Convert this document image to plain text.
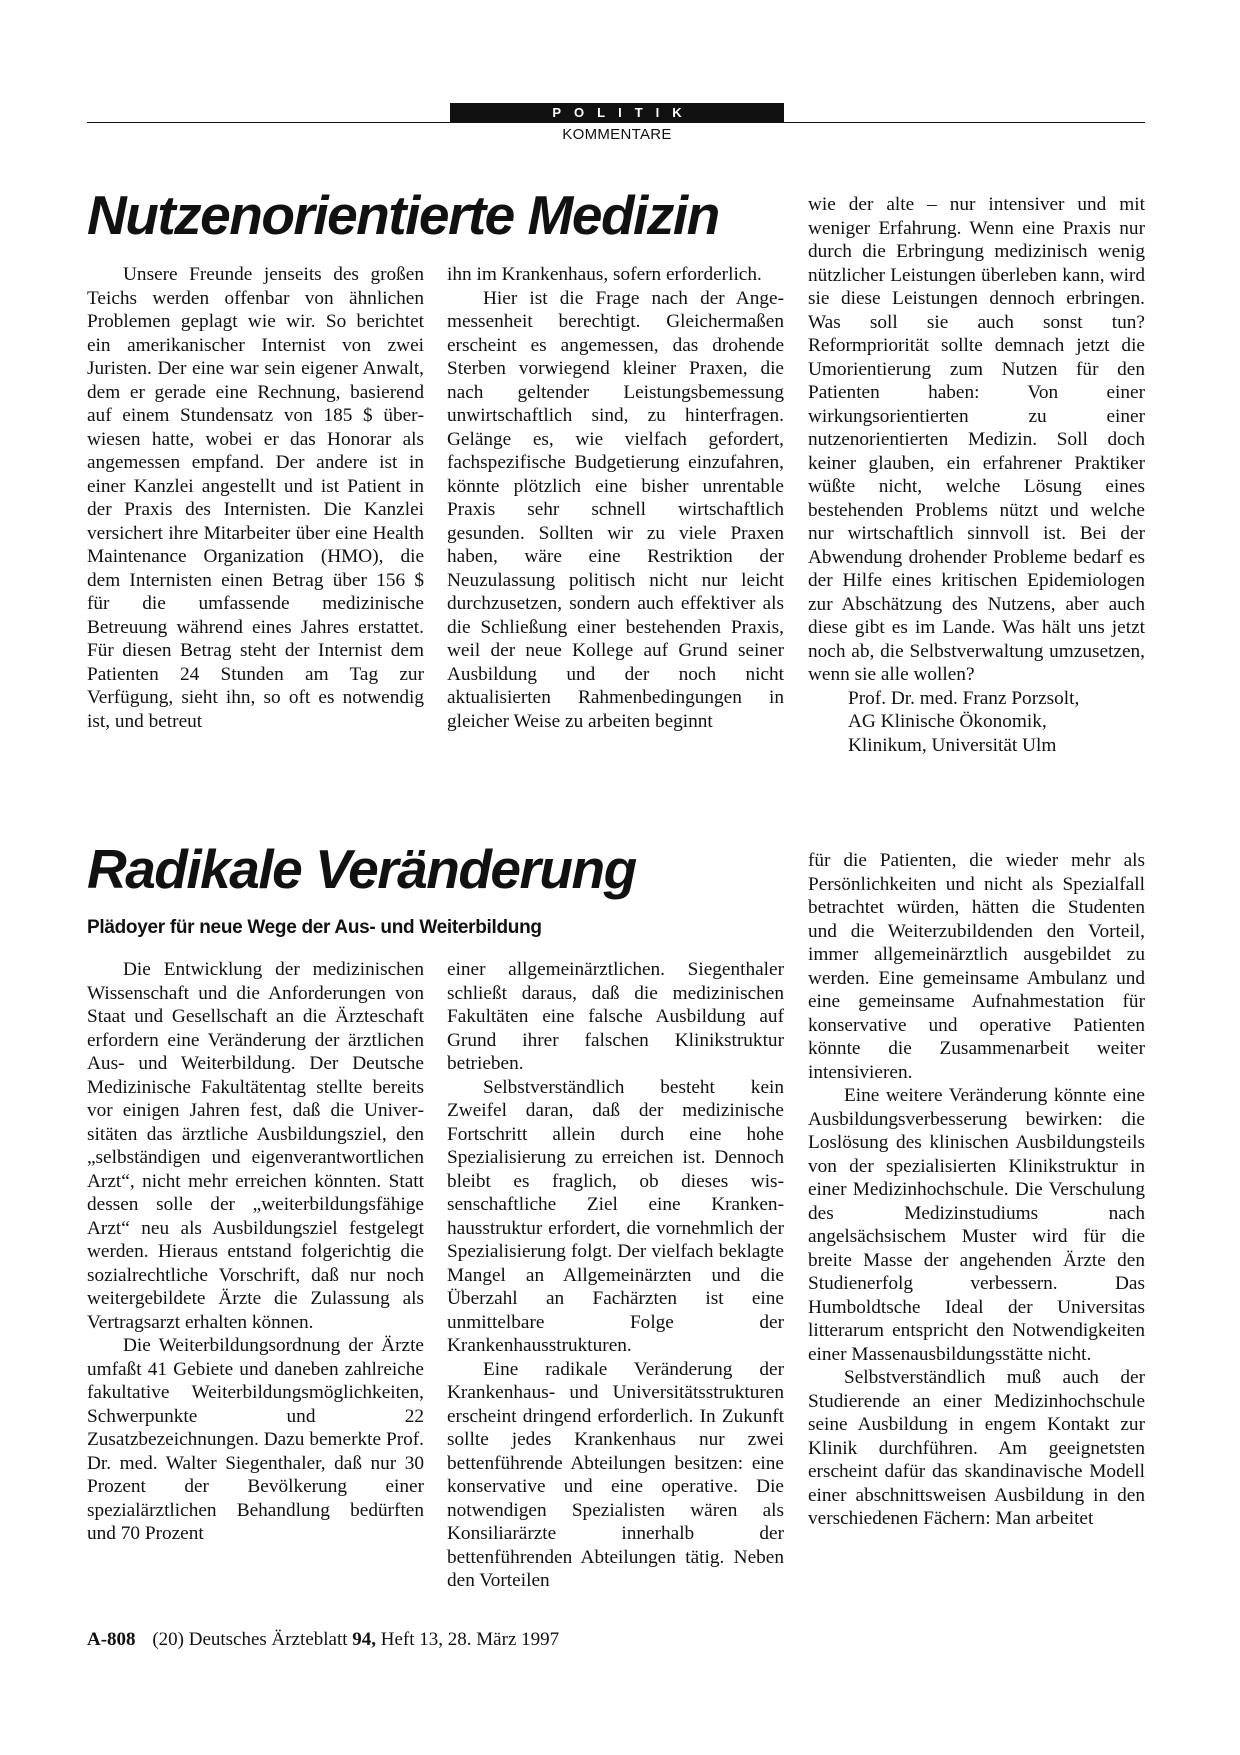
POLITIK
KOMMENTARE
Nutzenorientierte Medizin

Unsere Freunde jenseits des großen Teichs werden offenbar von ähnlichen Problemen geplagt wie wir. So berichtet ein amerikanischer Internist von zwei Juristen. Der eine war sein eigener Anwalt, dem er gerade eine Rechnung, basierend auf einem Stundensatz von 185 $ überwiesen hatte, wobei er das Honorar als angemessen empfand. Der andere ist in einer Kanzlei angestellt und ist Patient in der Praxis des Internisten. Die Kanzlei versichert ihre Mitarbeiter über eine Health Maintenance Organization (HMO), die dem Internisten einen Betrag über 156 $ für die umfassende medizinische Betreuung während eines Jahres erstattet. Für diesen Betrag steht der Internist dem Patienten 24 Stunden am Tag zur Verfügung, sieht ihn, so oft es notwendig ist, und betreut

ihn im Krankenhaus, sofern erforderlich.

Hier ist die Frage nach der Angemessenheit berechtigt. Gleichermaßen erscheint es angemessen, das drohende Sterben vorwiegend kleiner Praxen, die nach geltender Leistungsbemessung unwirtschaftlich sind, zu hinterfragen. Gelänge es, wie vielfach gefordert, fachspezifische Budgetierung einzufahren, könnte plötzlich eine bisher unrentable Praxis sehr schnell wirtschaftlich gesunden. Sollten wir zu viele Praxen haben, wäre eine Restriktion der Neuzulassung politisch nicht nur leicht durchzusetzen, sondern auch effektiver als die Schließung einer bestehenden Praxis, weil der neue Kollege auf Grund seiner Ausbildung und der noch nicht aktualisierten Rahmenbedingungen in gleicher Weise zu arbeiten beginnt

wie der alte – nur intensiver und mit weniger Erfahrung. Wenn eine Praxis nur durch die Erbringung medizinisch wenig nützlicher Leistungen überleben kann, wird sie diese Leistungen dennoch erbringen. Was soll sie auch sonst tun? Reformpriorität sollte demnach jetzt die Umorientierung zum Nutzen für den Patienten haben: Von einer wirkungsorientierten zu einer nutzenorientierten Medizin. Soll doch keiner glauben, ein erfahrener Praktiker wüßte nicht, welche Lösung eines bestehenden Problems nützt und welche nur wirtschaftlich sinnvoll ist. Bei der Abwendung drohender Probleme bedarf es der Hilfe eines kritischen Epidemiologen zur Abschätzung des Nutzens, aber auch diese gibt es im Lande. Was hält uns jetzt noch ab, die Selbstverwaltung umzusetzen, wenn sie alle wollen?

Prof. Dr. med. Franz Porzsolt,

AG Klinische Ökonomik,

Klinikum, Universität Ulm

Radikale Veränderung
Plädoyer für neue Wege der Aus- und Weiterbildung

Die Entwicklung der medizinischen Wissenschaft und die Anforderungen von Staat und Gesellschaft an die Ärzteschaft erfordern eine Veränderung der ärztlichen Aus- und Weiterbildung. Der Deutsche Medizinische Fakultätentag stellte bereits vor einigen Jahren fest, daß die Universitäten das ärztliche Ausbildungsziel, den „selbständigen und eigenverantwortlichen Arzt“, nicht mehr erreichen könnten. Statt dessen solle der „weiterbildungsfähige Arzt“ neu als Ausbildungsziel festgelegt werden. Hieraus entstand folgerichtig die sozialrechtliche Vorschrift, daß nur noch weitergebildete Ärzte die Zulassung als Vertragsarzt erhalten können.

Die Weiterbildungsordnung der Ärzte umfaßt 41 Gebiete und daneben zahlreiche fakultative Weiterbildungsmöglichkeiten, Schwerpunkte und 22 Zusatzbezeichnungen. Dazu bemerkte Prof. Dr. med. Walter Siegenthaler, daß nur 30 Prozent der Bevölkerung einer spezialärztlichen Behandlung bedürften und 70 Prozent

einer allgemeinärztlichen. Siegenthaler schließt daraus, daß die medizinischen Fakultäten eine falsche Ausbildung auf Grund ihrer falschen Klinikstruktur betrieben.

Selbstverständlich besteht kein Zweifel daran, daß der medizinische Fortschritt allein durch eine hohe Spezialisierung zu erreichen ist. Dennoch bleibt es fraglich, ob dieses wissenschaftliche Ziel eine Krankenhausstruktur erfordert, die vornehmlich der Spezialisierung folgt. Der vielfach beklagte Mangel an Allgemeinärzten und die Überzahl an Fachärzten ist eine unmittelbare Folge der Krankenhausstrukturen.

Eine radikale Veränderung der Krankenhaus- und Universitätsstrukturen erscheint dringend erforderlich. In Zukunft sollte jedes Krankenhaus nur zwei bettenführende Abteilungen besitzen: eine konservative und eine operative. Die notwendigen Spezialisten wären als Konsiliarärzte innerhalb der bettenführenden Abteilungen tätig. Neben den Vorteilen

für die Patienten, die wieder mehr als Persönlichkeiten und nicht als Spezialfall betrachtet würden, hätten die Studenten und die Weiterzubildenden den Vorteil, immer allgemeinärztlich ausgebildet zu werden. Eine gemeinsame Ambulanz und eine gemeinsame Aufnahmestation für konservative und operative Patienten könnte die Zusammenarbeit weiter intensivieren.

Eine weitere Veränderung könnte eine Ausbildungsverbesserung bewirken: die Loslösung des klinischen Ausbildungsteils von der spezialisierten Klinikstruktur in einer Medizinhochschule. Die Verschulung des Medizinstudiums nach angelsächsischem Muster wird für die breite Masse der angehenden Ärzte den Studienerfolg verbessern. Das Humboldtsche Ideal der Universitas litterarum entspricht den Notwendigkeiten einer Massenausbildungsstätte nicht.

Selbstverständlich muß auch der Studierende an einer Medizinhochschule seine Ausbildung in engem Kontakt zur Klinik durchführen. Am geeignetsten erscheint dafür das skandinavische Modell einer abschnittsweisen Ausbildung in den verschiedenen Fächern: Man arbeitet

A-808 (20) Deutsches Ärzteblatt 94, Heft 13, 28. März 1997
